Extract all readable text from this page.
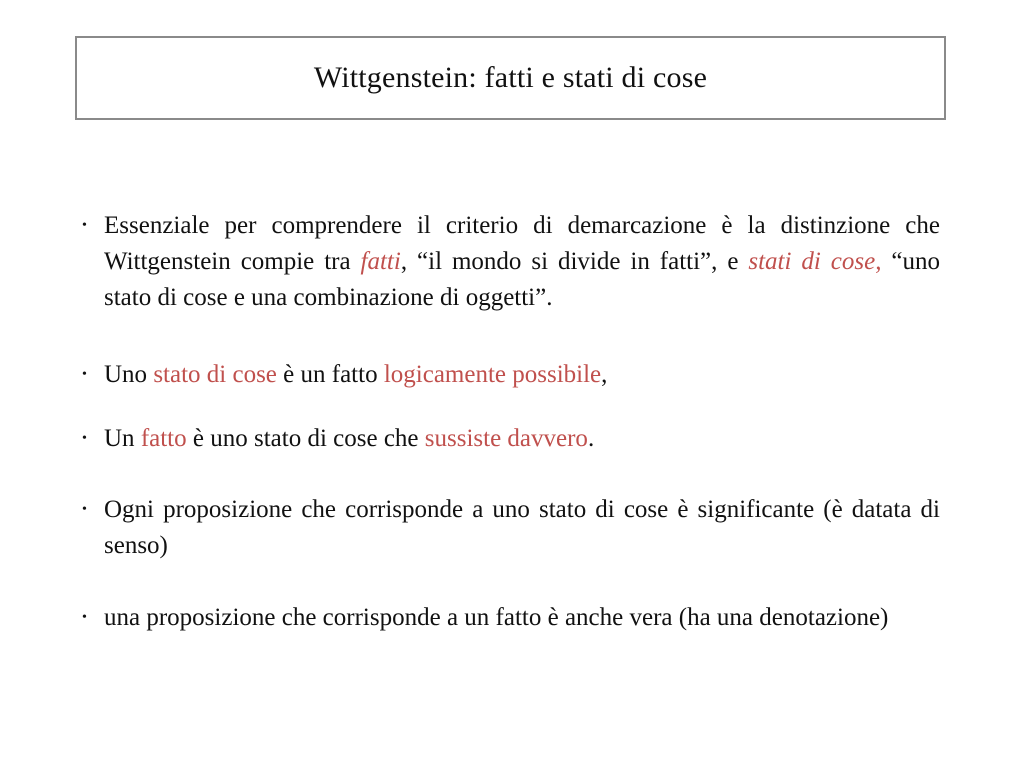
Wittgenstein: fatti e stati di cose
• Essenziale per comprendere il criterio di demarcazione è la distinzione che Wittgenstein compie tra fatti, “il mondo si divide in fatti”, e stati di cose, “uno stato di cose e una combinazione di oggetti”.
• Uno stato di cose è un fatto logicamente possibile,
• Un fatto è uno stato di cose che sussiste davvero.
• Ogni proposizione che corrisponde a uno stato di cose è significante (è datata di senso)
• una proposizione che corrisponde a un fatto è anche vera (ha una denotazione)
